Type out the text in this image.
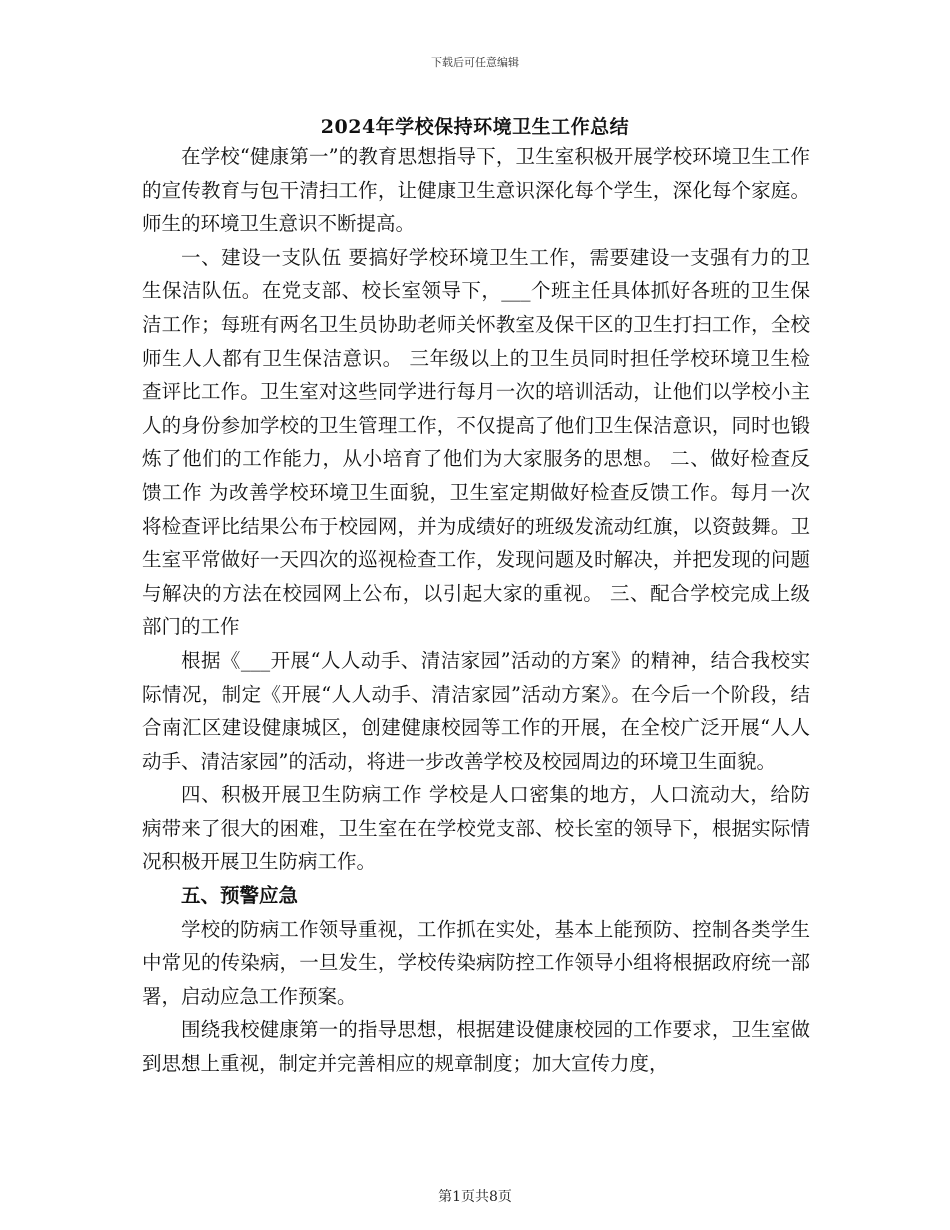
下载后可任意编辑
2024年学校保持环境卫生工作总结

在学校“健康第一”的教育思想指导下，卫生室积极开展学校环境卫生工作的宣传教育与包干清扫工作，让健康卫生意识深化每个学生，深化每个家庭。师生的环境卫生意识不断提高。

一、建设一支队伍 要搞好学校环境卫生工作，需要建设一支强有力的卫生保洁队伍。在党支部、校长室领导下，___个班主任具体抓好各班的卫生保洁工作；每班有两名卫生员协助老师关怀教室及保干区的卫生打扫工作，全校师生人人都有卫生保洁意识。 三年级以上的卫生员同时担任学校环境卫生检查评比工作。卫生室对这些同学进行每月一次的培训活动，让他们以学校小主人的身份参加学校的卫生管理工作，不仅提高了他们卫生保洁意识，同时也锻炼了他们的工作能力，从小培育了他们为大家服务的思想。 二、做好检查反馈工作 为改善学校环境卫生面貌，卫生室定期做好检查反馈工作。每月一次将检查评比结果公布于校园网，并为成绩好的班级发流动红旗，以资鼓舞。卫生室平常做好一天四次的巡视检查工作，发现问题及时解决，并把发现的问题与解决的方法在校园网上公布，以引起大家的重视。 三、配合学校完成上级部门的工作

根据《___开展“人人动手、清洁家园”活动的方案》的精神，结合我校实际情况，制定《开展“人人动手、清洁家园”活动方案》。在今后一个阶段，结合南汇区建设健康城区，创建健康校园等工作的开展，在全校广泛开展“人人动手、清洁家园”的活动，将进一步改善学校及校园周边的环境卫生面貌。

四、积极开展卫生防病工作 学校是人口密集的地方，人口流动大，给防病带来了很大的困难，卫生室在在学校党支部、校长室的领导下，根据实际情况积极开展卫生防病工作。

五、预警应急

学校的防病工作领导重视，工作抓在实处，基本上能预防、控制各类学生中常见的传染病，一旦发生，学校传染病防控工作领导小组将根据政府统一部署，启动应急工作预案。

围绕我校健康第一的指导思想，根据建设健康校园的工作要求，卫生室做到思想上重视，制定并完善相应的规章制度；加大宣传力度，

第1页共8页
